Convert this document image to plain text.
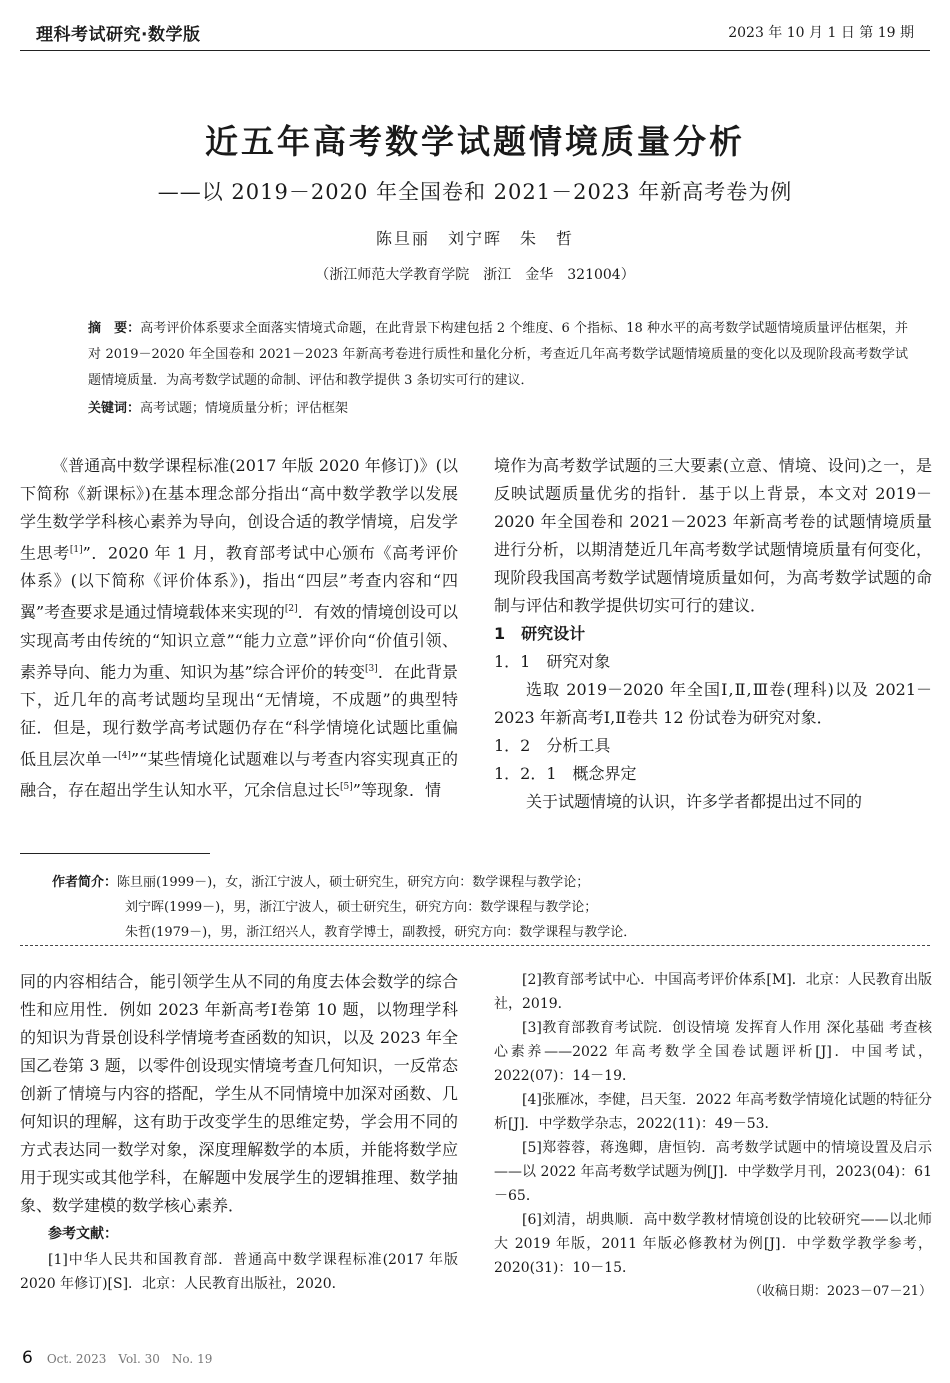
理科考试研究·数学版	2023 年 10 月 1 日 第 19 期
近五年高考数学试题情境质量分析
——以 2019－2020 年全国卷和 2021－2023 年新高考卷为例
陈旦丽　刘宁晖　朱　哲
（浙江师范大学教育学院　浙江　金华　321004）
摘　要：高考评价体系要求全面落实情境式命题，在此背景下构建包括 2 个维度、6 个指标、18 种水平的高考数学试题情境质量评估框架，并对 2019－2020 年全国卷和 2021－2023 年新高考卷进行质性和量化分析，考查近几年高考数学试题情境质量的变化以及现阶段高考数学试题情境质量．为高考数学试题的命制、评估和教学提供 3 条切实可行的建议．
关键词：高考试题；情境质量分析；评估框架

《普通高中数学课程标准(2017 年版 2020 年修订)》(以下简称《新课标》)在基本理念部分指出“高中数学教学以发展学生数学学科核心素养为导向，创设合适的教学情境，启发学生思考[1]”．2020 年 1 月，教育部考试中心颁布《高考评价体系》(以下简称《评价体系》)，指出“四层”考查内容和“四翼”考查要求是通过情境载体来实现的[2]．有效的情境创设可以实现高考由传统的“知识立意”“能力立意”评价向“价值引领、素养导向、能力为重、知识为基”综合评价的转变[3]．在此背景下，近几年的高考试题均呈现出“无情境，不成题”的典型特征．但是，现行数学高考试题仍存在“科学情境化试题比重偏低且层次单一[4]”“某些情境化试题难以与考查内容实现真正的融合，存在超出学生认知水平，冗余信息过长[5]”等现象．情

境作为高考数学试题的三大要素(立意、情境、设问)之一，是反映试题质量优劣的指针．基于以上背景，本文对 2019－2020 年全国卷和 2021－2023 年新高考卷的试题情境质量进行分析，以期清楚近几年高考数学试题情境质量有何变化，现阶段我国高考数学试题情境质量如何，为高考数学试题的命制与评估和教学提供切实可行的建议．

1　研究设计

1．1　研究对象

选取 2019－2020 年全国Ⅰ,Ⅱ,Ⅲ卷(理科)以及 2021－2023 年新高考Ⅰ,Ⅱ卷共 12 份试卷为研究对象．

1．2　分析工具

1．2．1　概念界定

关于试题情境的认识，许多学者都提出过不同的

作者简介：陈旦丽(1999－)，女，浙江宁波人，硕士研究生，研究方向：数学课程与教学论；
刘宁晖(1999－)，男，浙江宁波人，硕士研究生，研究方向：数学课程与教学论；
朱哲(1979－)，男，浙江绍兴人，教育学博士，副教授，研究方向：数学课程与教学论．
同的内容相结合，能引领学生从不同的角度去体会数学的综合性和应用性．例如 2023 年新高考Ⅰ卷第 10 题，以物理学科的知识为背景创设科学情境考查函数的知识，以及 2023 年全国乙卷第 3 题，以零件创设现实情境考查几何知识，一反常态创新了情境与内容的搭配，学生从不同情境中加深对函数、几何知识的理解，这有助于改变学生的思维定势，学会用不同的方式表达同一数学对象，深度理解数学的本质，并能将数学应用于现实或其他学科，在解题中发展学生的逻辑推理、数学抽象、数学建模的数学核心素养．
参考文献：

[1]中华人民共和国教育部．普通高中数学课程标准(2017 年版 2020 年修订)[S]．北京：人民教育出版社，2020．

[2]教育部考试中心．中国高考评价体系[M]．北京：人民教育出版社，2019．

[3]教育部教育考试院．创设情境 发挥育人作用 深化基础 考查核心素养——2022 年高考数学全国卷试题评析[J]．中国考试，2022(07)：14－19．

[4]张雁冰，李健，吕天玺．2022 年高考数学情境化试题的特征分析[J]．中学数学杂志，2022(11)：49－53．

[5]郑蓉蓉，蒋逸卿，唐恒钧．高考数学试题中的情境设置及启示——以 2022 年高考数学试题为例[J]．中学数学月刊，2023(04)：61－65．

[6]刘清，胡典顺．高中数学教材情境创设的比较研究——以北师大 2019 年版，2011 年版必修教材为例[J]．中学数学教学参考，2020(31)：10－15．

（收稿日期：2023－07－21）
6 Oct. 2023 Vol. 30 No. 19
